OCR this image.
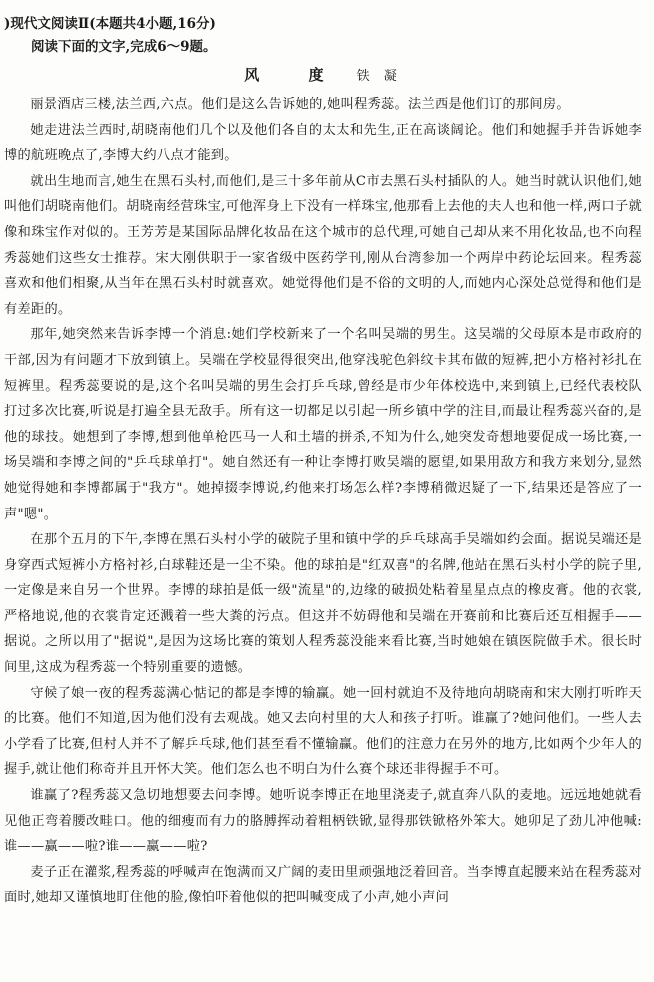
)现代文阅读Ⅱ(本题共4小题,16分)
阅读下面的文字,完成6～9题。
风 度 铁 凝

丽景酒店三楼,法兰西,六点。他们是这么告诉她的,她叫程秀蕊。法兰西是他们订的那间房。

她走进法兰西时,胡晓南他们几个以及他们各自的太太和先生,正在高谈阔论。他们和她握手并告诉她李博的航班晚点了,李博大约八点才能到。

就出生地而言,她生在黑石头村,而他们,是三十多年前从C市去黑石头村插队的人。她当时就认识他们,她叫他们胡晓南他们。胡晓南经营珠宝,可他浑身上下没有一样珠宝,他那看上去他的夫人也和他一样,两口子就像和珠宝作对似的。王芳芳是某国际品牌化妆品在这个城市的总代理,可她自己却从来不用化妆品,也不向程秀蕊她们这些女士推荐。宋大刚供职于一家省级中医药学刊,刚从台湾参加一个两岸中药论坛回来。程秀蕊喜欢和他们相聚,从当年在黑石头村时就喜欢。她觉得他们是不俗的文明的人,而她内心深处总觉得和他们是有差距的。

那年,她突然来告诉李博一个消息:她们学校新来了一个名叫吴端的男生。这吴端的父母原本是市政府的干部,因为有问题才下放到镇上。吴端在学校显得很突出,他穿浅驼色斜纹卡其布做的短裤,把小方格衬衫扎在短裤里。程秀蕊要说的是,这个名叫吴端的男生会打乒乓球,曾经是市少年体校选中,来到镇上,已经代表校队打过多次比赛,听说是打遍全县无敌手。所有这一切都足以引起一所乡镇中学的注目,而最让程秀蕊兴奋的,是他的球技。她想到了李博,想到他单枪匹马一人和土墙的拼杀,不知为什么,她突发奇想地要促成一场比赛,一场吴端和李博之间的"乒乓球单打"。她自然还有一种让李博打败吴端的愿望,如果用敌方和我方来划分,显然她觉得她和李博都属于"我方"。她掉掇李博说,约他来打场怎么样?李博稍微迟疑了一下,结果还是答应了一声"嗯"。

在那个五月的下午,李博在黑石头村小学的破院子里和镇中学的乒乓球高手吴端如约会面。据说吴端还是身穿西式短裤小方格衬衫,白球鞋还是一尘不染。他的球拍是"红双喜"的名牌,他站在黑石头村小学的院子里,一定像是来自另一个世界。李博的球拍是低一级"流星"的,边缘的破损处粘着星星点点的橡皮膏。他的衣裳,严格地说,他的衣裳肯定还溅着一些大粪的污点。但这并不妨碍他和吴端在开赛前和比赛后还互相握手——据说。之所以用了"据说",是因为这场比赛的策划人程秀蕊没能来看比赛,当时她娘在镇医院做手术。很长时间里,这成为程秀蕊一个特别重要的遗憾。

守候了娘一夜的程秀蕊满心惦记的都是李博的输赢。她一回村就迫不及待地向胡晓南和宋大刚打听昨天的比赛。他们不知道,因为他们没有去观战。她又去向村里的大人和孩子打听。谁赢了?她问他们。一些人去小学看了比赛,但村人并不了解乒乓球,他们甚至看不懂输赢。他们的注意力在另外的地方,比如两个少年人的握手,就让他们称奇并且开怀大笑。他们怎么也不明白为什么赛个球还非得握手不可。

谁赢了?程秀蕊又急切地想要去问李博。她听说李博正在地里浇麦子,就直奔八队的麦地。远远地她就看见他正弯着腰改畦口。他的细瘦而有力的胳膊挥动着粗柄铁锨,显得那铁锨格外笨大。她卯足了劲儿冲他喊:谁——赢——啦?谁——赢——啦?

麦子正在灌浆,程秀蕊的呼喊声在饱满而又广阔的麦田里顽强地泛着回音。当李博直起腰来站在程秀蕊对面时,她却又谨慎地盯住他的脸,像怕吓着他似的把叫喊变成了小声,她小声问
